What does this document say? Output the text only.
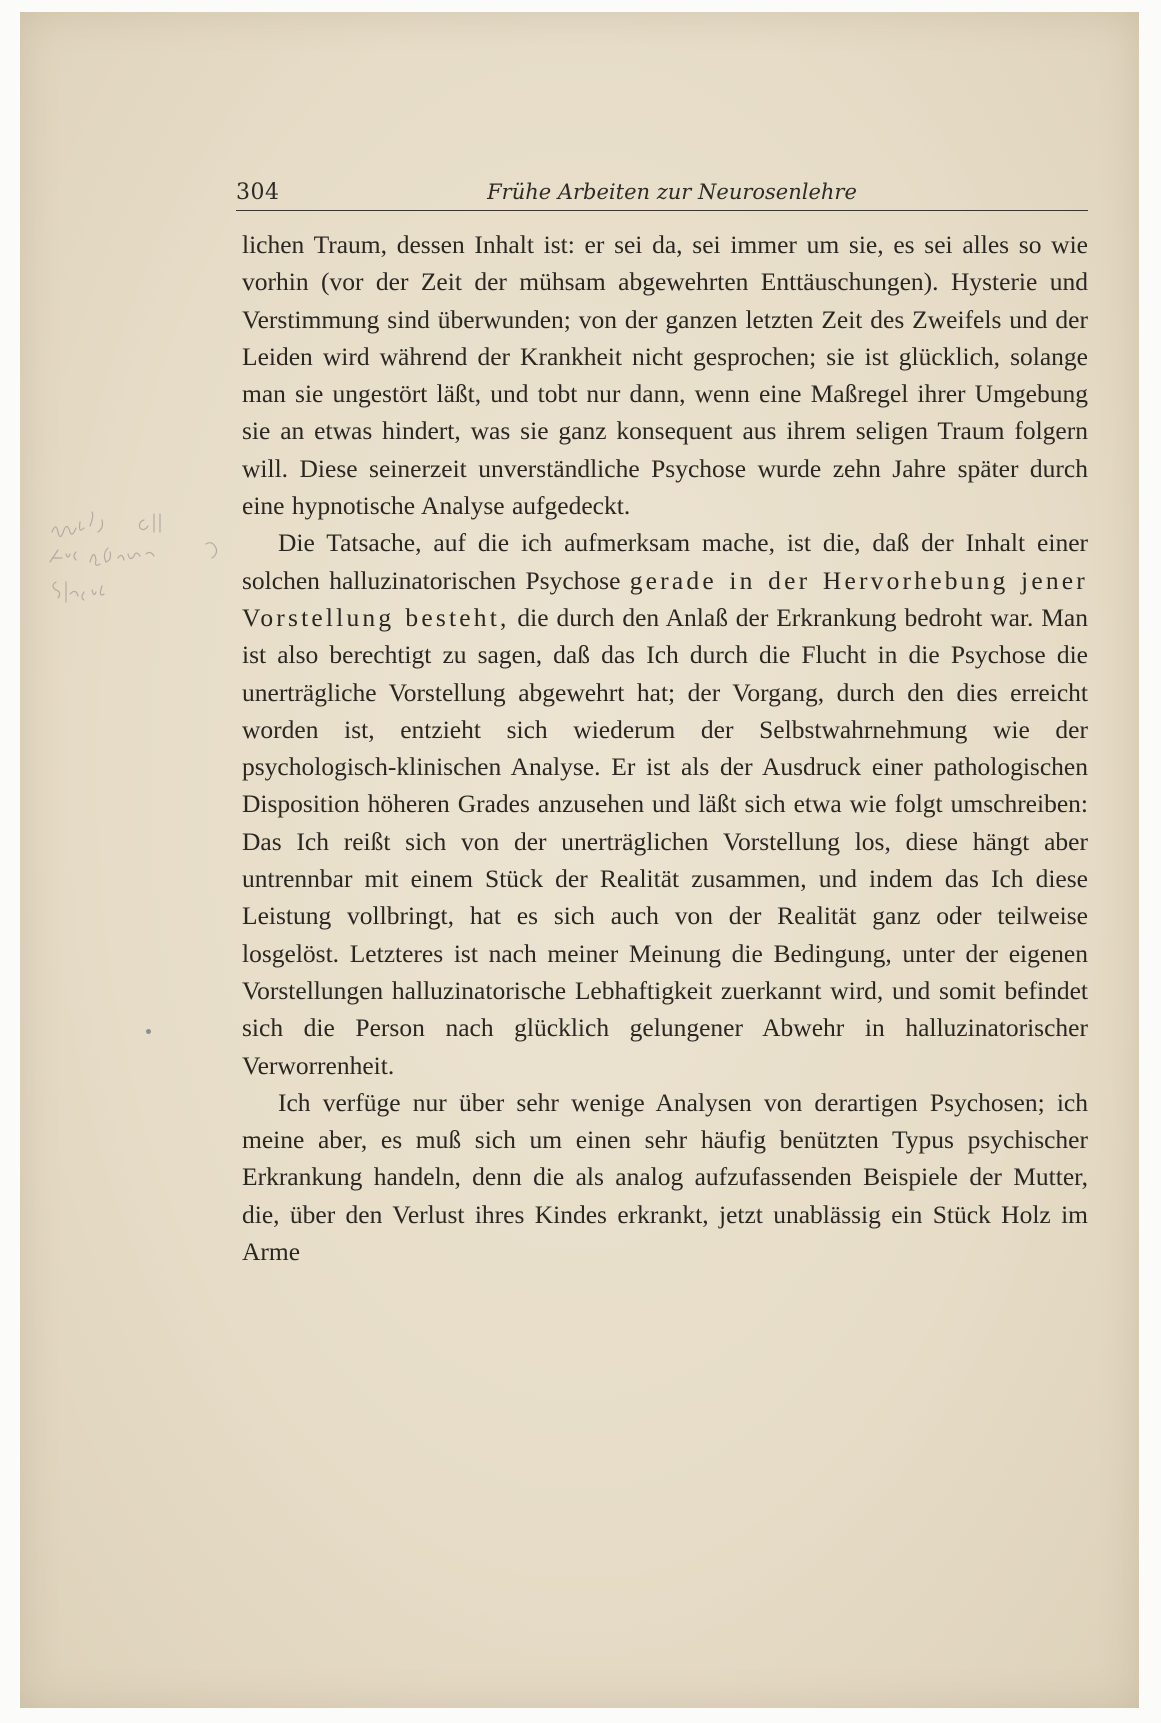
304	Frühe Arbeiten zur Neurosenlehre

lichen Traum, dessen Inhalt ist: er sei da, sei immer um sie, es sei alles so wie vorhin (vor der Zeit der mühsam abgewehrten Enttäuschungen). Hysterie und Verstimmung sind überwunden; von der ganzen letzten Zeit des Zweifels und der Leiden wird während der Krankheit nicht gesprochen; sie ist glücklich, solange man sie ungestört läßt, und tobt nur dann, wenn eine Maßregel ihrer Umgebung sie an etwas hindert, was sie ganz konsequent aus ihrem seligen Traum folgern will. Diese seinerzeit unverständliche Psychose wurde zehn Jahre später durch eine hypnotische Analyse aufgedeckt.

Die Tatsache, auf die ich aufmerksam mache, ist die, daß der Inhalt einer solchen halluzinatorischen Psychose gerade in der Hervorhebung jener Vorstellung besteht, die durch den Anlaß der Erkrankung bedroht war. Man ist also berechtigt zu sagen, daß das Ich durch die Flucht in die Psychose die unerträgliche Vorstellung abgewehrt hat; der Vorgang, durch den dies erreicht worden ist, entzieht sich wiederum der Selbstwahrnehmung wie der psychologisch-klinischen Analyse. Er ist als der Ausdruck einer pathologischen Disposition höheren Grades anzusehen und läßt sich etwa wie folgt umschreiben: Das Ich reißt sich von der unerträglichen Vorstellung los, diese hängt aber untrennbar mit einem Stück der Realität zusammen, und indem das Ich diese Leistung vollbringt, hat es sich auch von der Realität ganz oder teilweise losgelöst. Letzteres ist nach meiner Meinung die Bedingung, unter der eigenen Vorstellungen halluzinatorische Lebhaftigkeit zuerkannt wird, und somit befindet sich die Person nach glücklich gelungener Abwehr in halluzinatorischer Verworrenheit.

Ich verfüge nur über sehr wenige Analysen von derartigen Psychosen; ich meine aber, es muß sich um einen sehr häufig benützten Typus psychischer Erkrankung handeln, denn die als analog aufzufassenden Beispiele der Mutter, die, über den Verlust ihres Kindes erkrankt, jetzt unablässig ein Stück Holz im Arme
